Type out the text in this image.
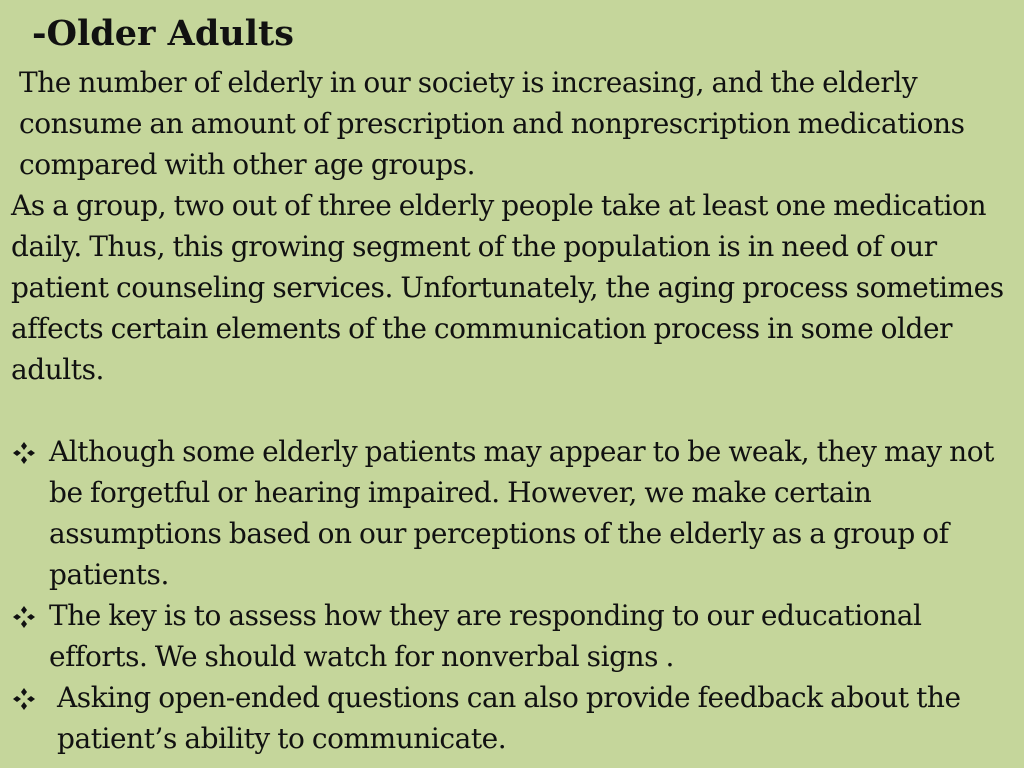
-Older Adults

The number of elderly in our society is increasing, and the elderly consume an amount of prescription and nonprescription medications compared with other age groups.

As a group, two out of three elderly people take at least one medication daily. Thus, this growing segment of the population is in need of our patient counseling services. Unfortunately, the aging process sometimes affects certain elements of the communication process in some older adults.

Although some elderly patients may appear to be weak, they may not be forgetful or hearing impaired. However, we make certain assumptions based on our perceptions of the elderly as a group of patients.
The key is to assess how they are responding to our educational efforts. We should watch for nonverbal signs .
Asking open-ended questions can also provide feedback about the patient’s ability to communicate.
